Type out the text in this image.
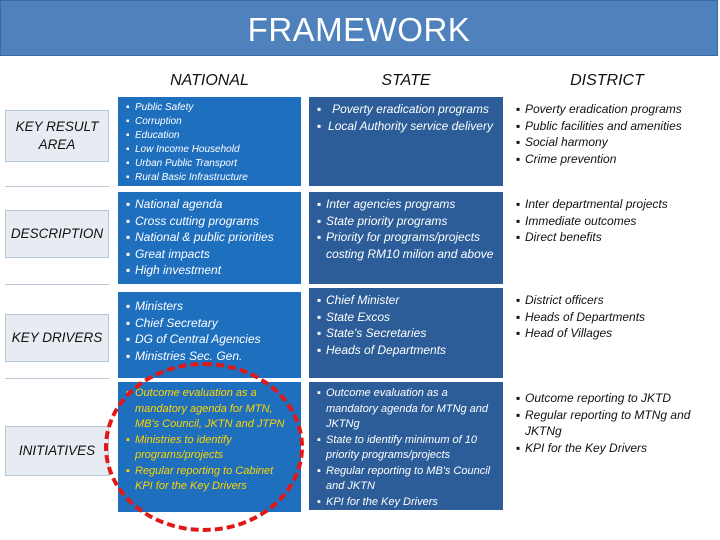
FRAMEWORK
NATIONAL	STATE	DISTRICT
KEY RESULT AREA
DESCRIPTION
KEY DRIVERS
INITIATIVES
▪ Public Safety
▪ Corruption
▪ Education
▪ Low Income Household
▪ Urban Public Transport
▪ Rural Basic Infrastructure
▪ Poverty eradication programs
▪ Local Authority service delivery
▪ Poverty eradication programs
▪ Public facilities and amenities
▪ Social harmony
▪ Crime prevention
▪ National agenda
▪ Cross cutting programs
▪ National & public priorities
▪ Great impacts
▪ High investment
▪ Inter agencies programs
▪ State priority programs
▪ Priority for programs/projects costing RM10 milion and above
▪ Inter departmental projects
▪ Immediate outcomes
▪ Direct benefits
▪ Ministers
▪ Chief Secretary
▪ DG of Central Agencies
▪ Ministries Sec. Gen.
▪ Chief Minister
▪ State Excos
▪ State's Secretaries
▪ Heads of Departments
▪ District officers
▪ Heads of Departments
▪ Head of Villages
▪ Outcome evaluation as a mandatory agenda for MTN, MB's Council, JKTN and JTPN
▪ Ministries to identify programs/projects
▪ Regular reporting to Cabinet KPI for the Key Drivers
▪ Outcome evaluation as a mandatory agenda for MTNg and JKTNg
▪ State to identify minimum of 10 priority programs/projects
▪ Regular reporting to MB's Council and JKTN
▪ KPI for the Key Drivers
▪ Outcome reporting to JKTD
▪ Regular reporting to MTNg and JKTNg
▪ KPI for the Key Drivers
